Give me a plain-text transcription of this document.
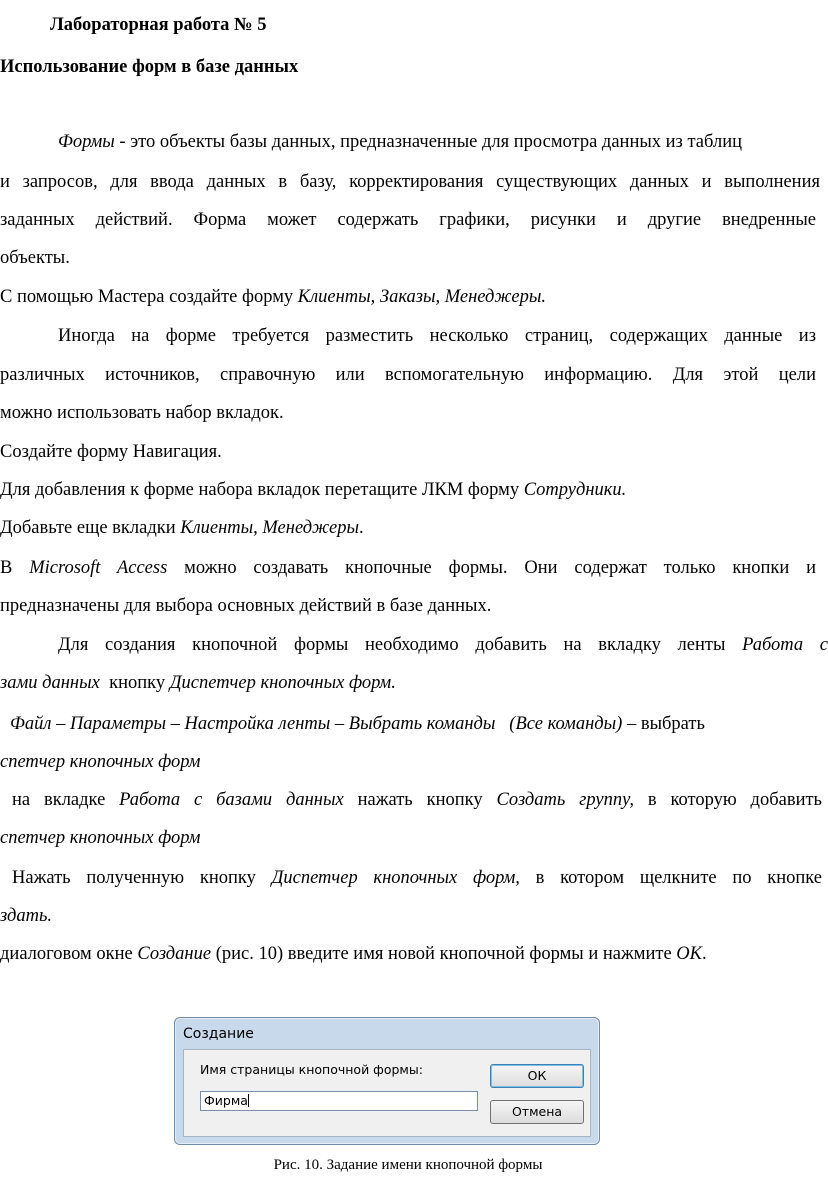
Лабораторная работа № 5
Использование форм в базе данных
Формы - это объекты базы данных, предназначенные для просмотра данных из таблиц
и запросов, для ввода данных в базу, корректирования существующих данных и выполнения
заданных действий. Форма может содержать графики, рисунки и другие внедренные
объекты.
С помощью Мастера создайте форму Клиенты, Заказы, Менеджеры.
Иногда на форме требуется разместить несколько страниц, содержащих данные из
различных источников, справочную или вспомогательную информацию. Для этой цели
можно использовать набор вкладок.
Создайте форму Навигация.
Для добавления к форме набора вкладок перетащите ЛКМ форму Сотрудники.
Добавьте еще вкладки Клиенты, Менеджеры.
В Microsoft Access можно создавать кнопочные формы. Они содержат только кнопки и
предназначены для выбора основных действий в базе данных.
Для создания кнопочной формы необходимо добавить на вкладку ленты Работа с
зами данных  кнопку Диспетчер кнопочных форм.
Файл – Параметры – Настройка ленты – Выбрать команды   (Все команды) – выбрать
спетчер кнопочных форм
на вкладке Работа с базами данных нажать кнопку Создать группу, в которую добавить
спетчер кнопочных форм
Нажать полученную кнопку Диспетчер кнопочных форм, в котором щелкните по кнопке
здать.
диалоговом окне Создание (рис. 10) введите имя новой кнопочной формы и нажмите ОК.
Создание
Имя страницы кнопочной формы:
Фирма
ОК
Отмена
Рис. 10. Задание имени кнопочной формы
